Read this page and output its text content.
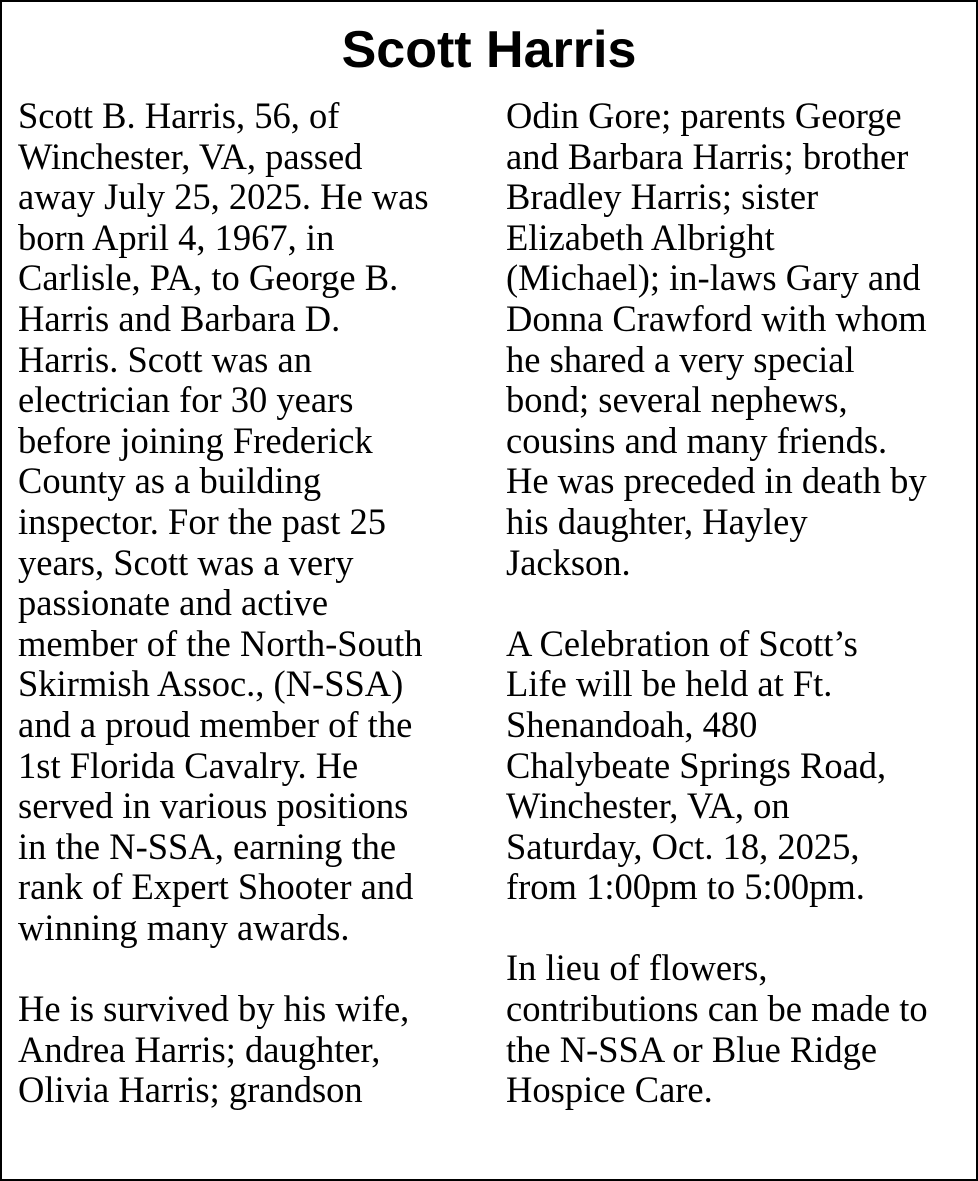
Scott Harris
Scott B. Harris, 56, of
Winchester, VA, passed
away July 25, 2025. He was
born April 4, 1967, in
Carlisle, PA, to George B.
Harris and Barbara D.
Harris. Scott was an
electrician for 30 years
before joining Frederick
County as a building
inspector. For the past 25
years, Scott was a very
passionate and active
member of the North-South
Skirmish Assoc., (N-SSA)
and a proud member of the
1st Florida Cavalry. He
served in various positions
in the N-SSA, earning the
rank of Expert Shooter and
winning many awards.
He is survived by his wife,
Andrea Harris; daughter,
Olivia Harris; grandson
Odin Gore; parents George
and Barbara Harris; brother
Bradley Harris; sister
Elizabeth Albright
(Michael); in-laws Gary and
Donna Crawford with whom
he shared a very special
bond; several nephews,
cousins and many friends.
He was preceded in death by
his daughter, Hayley
Jackson.
A Celebration of Scott’s
Life will be held at Ft.
Shenandoah, 480
Chalybeate Springs Road,
Winchester, VA, on
Saturday, Oct. 18, 2025,
from 1:00pm to 5:00pm.
In lieu of flowers,
contributions can be made to
the N-SSA or Blue Ridge
Hospice Care.
